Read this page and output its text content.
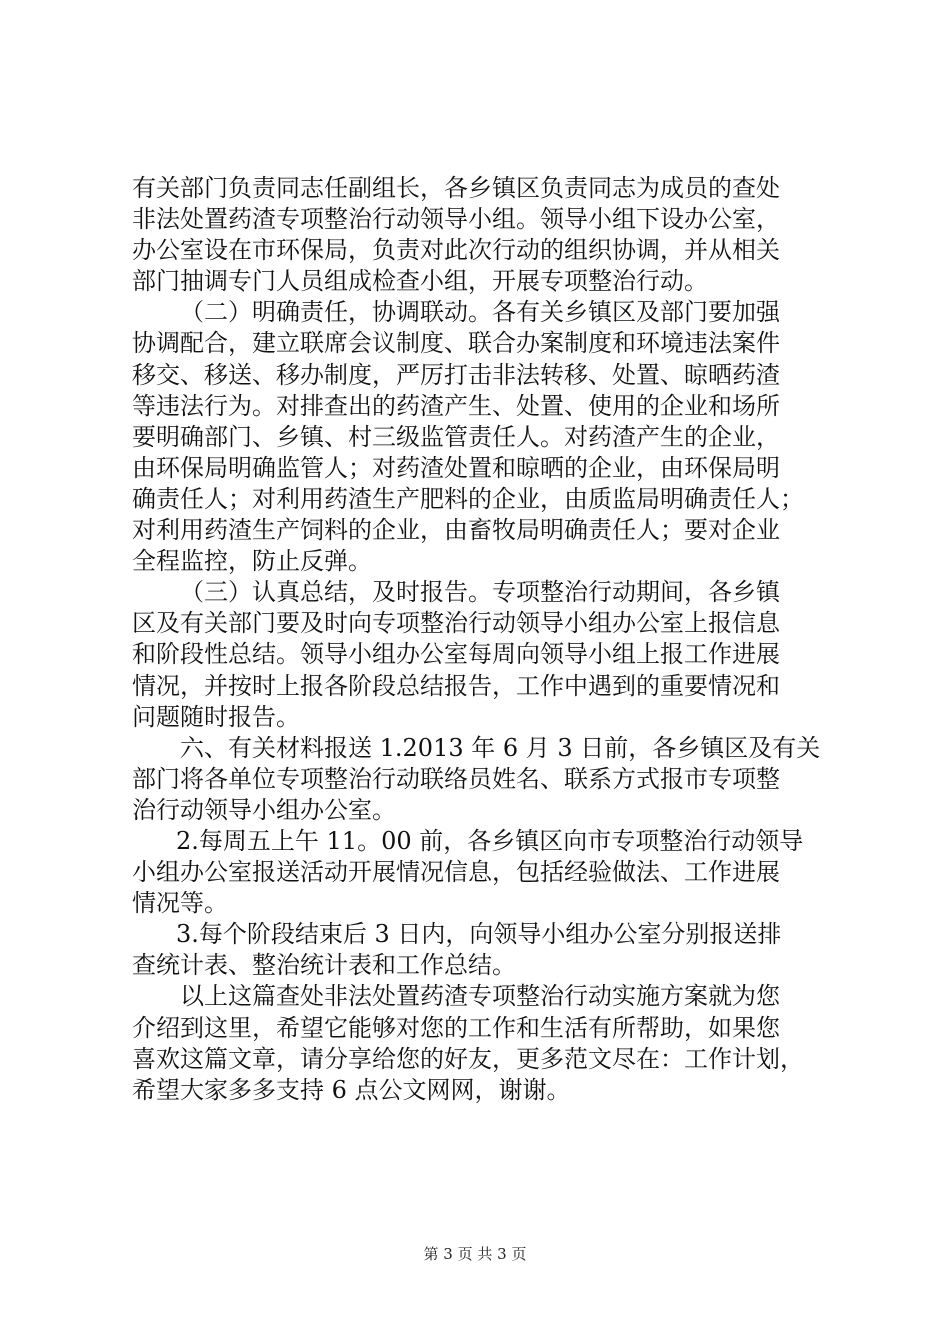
有关部门负责同志任副组长，各乡镇区负责同志为成员的查处
非法处置药渣专项整治行动领导小组。领导小组下设办公室，
办公室设在市环保局，负责对此次行动的组织协调，并从相关
部门抽调专门人员组成检查小组，开展专项整治行动。
（二）明确责任，协调联动。各有关乡镇区及部门要加强
协调配合，建立联席会议制度、联合办案制度和环境违法案件
移交、移送、移办制度，严厉打击非法转移、处置、晾晒药渣
等违法行为。对排查出的药渣产生、处置、使用的企业和场所
要明确部门、乡镇、村三级监管责任人。对药渣产生的企业，
由环保局明确监管人；对药渣处置和晾晒的企业，由环保局明
确责任人；对利用药渣生产肥料的企业，由质监局明确责任人；
对利用药渣生产饲料的企业，由畜牧局明确责任人；要对企业
全程监控，防止反弹。
（三）认真总结，及时报告。专项整治行动期间，各乡镇
区及有关部门要及时向专项整治行动领导小组办公室上报信息
和阶段性总结。领导小组办公室每周向领导小组上报工作进展
情况，并按时上报各阶段总结报告，工作中遇到的重要情况和
问题随时报告。
六、有关材料报送 1.2013 年 6 月 3 日前，各乡镇区及有关
部门将各单位专项整治行动联络员姓名、联系方式报市专项整
治行动领导小组办公室。
2.每周五上午 11。00 前，各乡镇区向市专项整治行动领导
小组办公室报送活动开展情况信息，包括经验做法、工作进展
情况等。
3.每个阶段结束后 3 日内，向领导小组办公室分别报送排
查统计表、整治统计表和工作总结。
以上这篇查处非法处置药渣专项整治行动实施方案就为您
介绍到这里，希望它能够对您的工作和生活有所帮助，如果您
喜欢这篇文章，请分享给您的好友，更多范文尽在：工作计划，
希望大家多多支持 6 点公文网网，谢谢。
第 3 页 共 3 页
